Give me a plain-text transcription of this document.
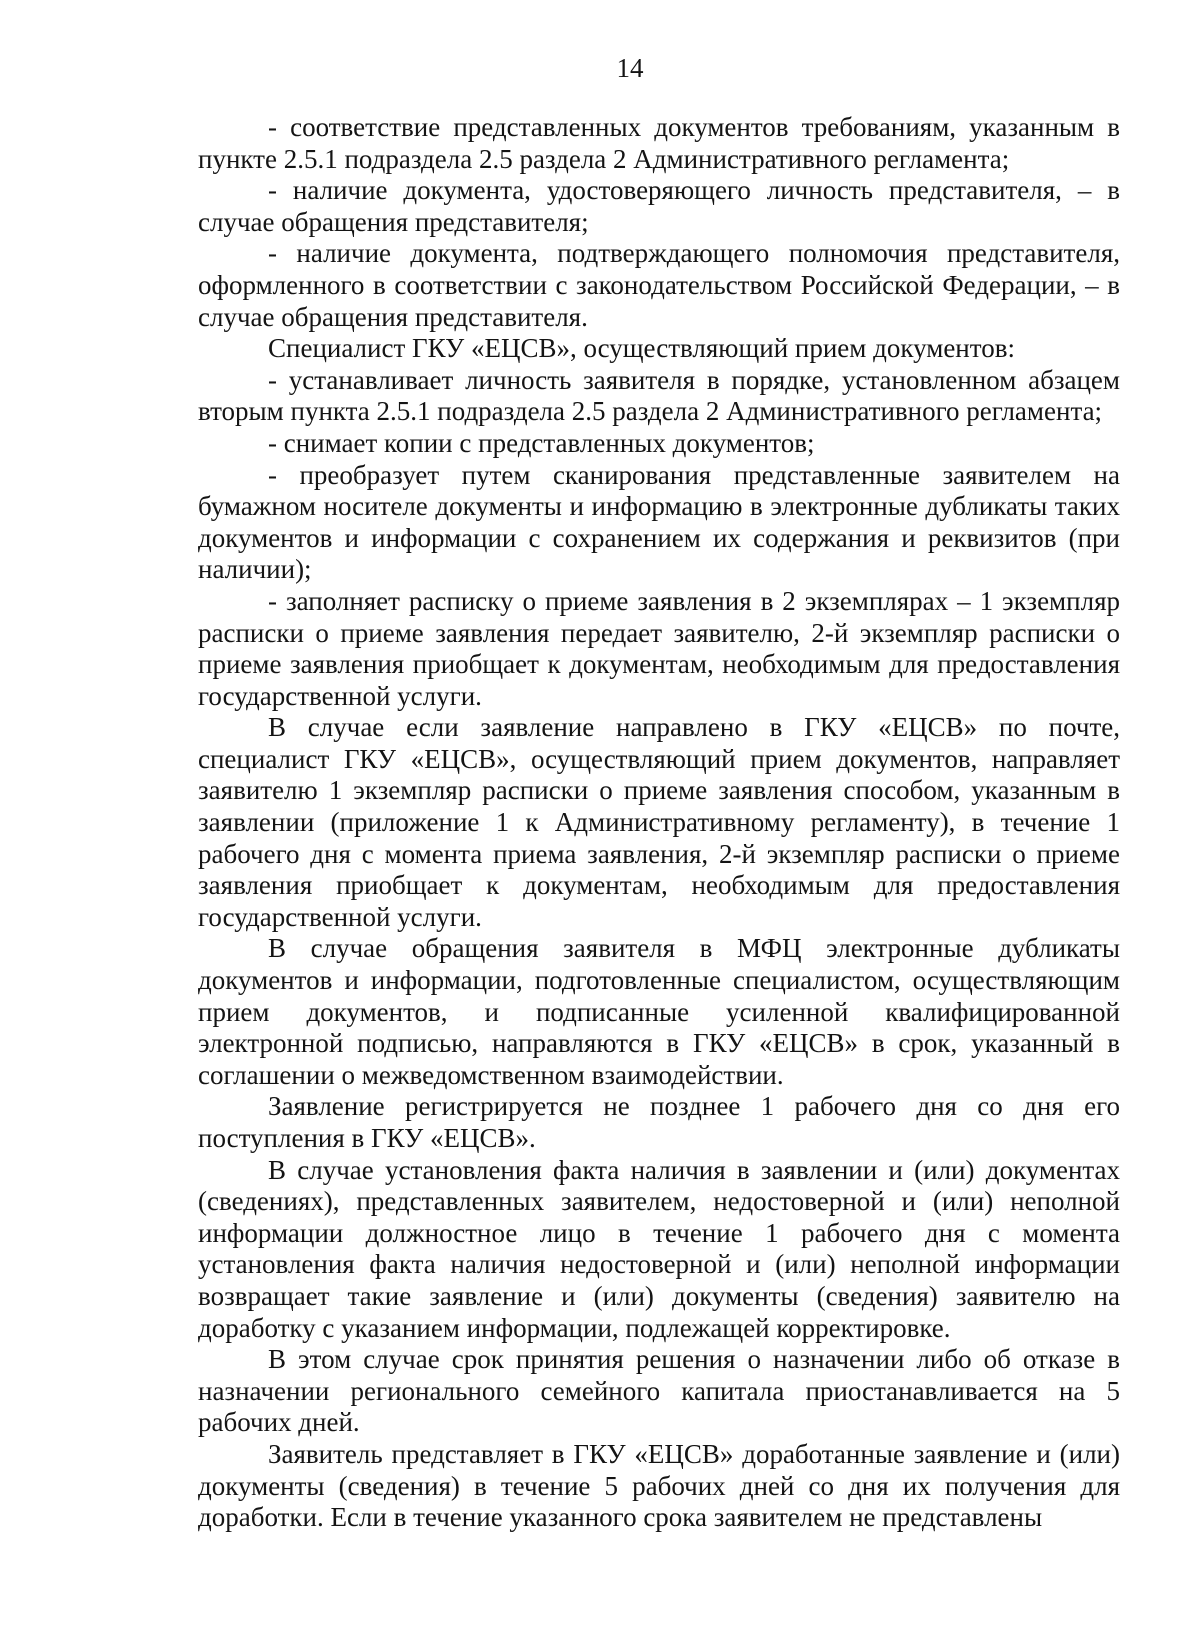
14

- соответствие представленных документов требованиям, указанным в пункте 2.5.1 подраздела 2.5 раздела 2 Административного регламента;

- наличие документа, удостоверяющего личность представителя, – в случае обращения представителя;

- наличие документа, подтверждающего полномочия представителя, оформленного в соответствии с законодательством Российской Федерации, – в случае обращения представителя.

Специалист ГКУ «ЕЦСВ», осуществляющий прием документов:

- устанавливает личность заявителя в порядке, установленном абзацем вторым пункта 2.5.1 подраздела 2.5 раздела 2 Административного регламента;

- снимает копии с представленных документов;

- преобразует путем сканирования представленные заявителем на бумажном носителе документы и информацию в электронные дубликаты таких документов и информации с сохранением их содержания и реквизитов (при наличии);

- заполняет расписку о приеме заявления в 2 экземплярах – 1 экземпляр расписки о приеме заявления передает заявителю, 2-й экземпляр расписки о приеме заявления приобщает к документам, необходимым для предоставления государственной услуги.

В случае если заявление направлено в ГКУ «ЕЦСВ» по почте, специалист ГКУ «ЕЦСВ», осуществляющий прием документов, направляет заявителю 1 экземпляр расписки о приеме заявления способом, указанным в заявлении (приложение 1 к Административному регламенту), в течение 1 рабочего дня с момента приема заявления, 2-й экземпляр расписки о приеме заявления приобщает к документам, необходимым для предоставления государственной услуги.

В случае обращения заявителя в МФЦ электронные дубликаты документов и информации, подготовленные специалистом, осуществляющим прием документов, и подписанные усиленной квалифицированной электронной подписью, направляются в ГКУ «ЕЦСВ» в срок, указанный в соглашении о межведомственном взаимодействии.

Заявление регистрируется не позднее 1 рабочего дня со дня его поступления в ГКУ «ЕЦСВ».

В случае установления факта наличия в заявлении и (или) документах (сведениях), представленных заявителем, недостоверной и (или) неполной информации должностное лицо в течение 1 рабочего дня с момента установления факта наличия недостоверной и (или) неполной информации возвращает такие заявление и (или) документы (сведения) заявителю на доработку с указанием информации, подлежащей корректировке.

В этом случае срок принятия решения о назначении либо об отказе в назначении регионального семейного капитала приостанавливается на 5 рабочих дней.

Заявитель представляет в ГКУ «ЕЦСВ» доработанные заявление и (или) документы (сведения) в течение 5 рабочих дней со дня их получения для доработки. Если в течение указанного срока заявителем не представлены
